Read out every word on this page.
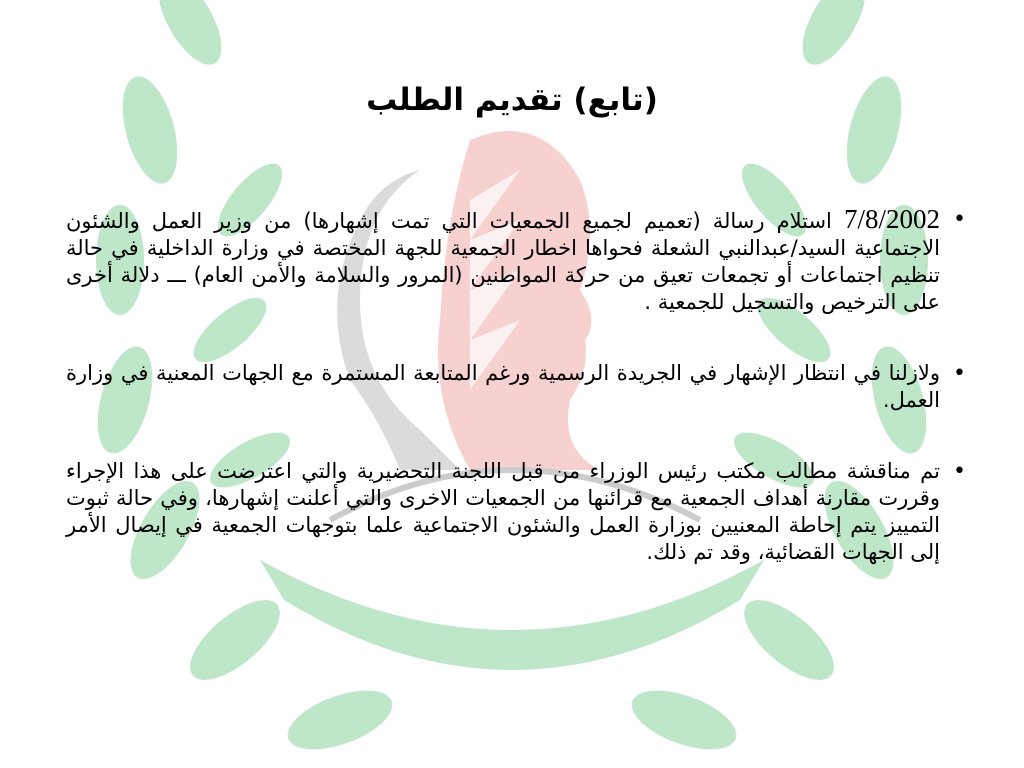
(تابع) تقديم الطلب
•
7/8/2002 استلام رسالة (تعميم لجميع الجمعيات التي تمت إشهارها) من وزير العمل والشئون الاجتماعية السيد/عبدالنبي الشعلة فحواها اخطار الجمعية للجهة المختصة في وزارة الداخلية في حالة تنظيم اجتماعات أو تجمعات تعيق من حركة المواطنين (المرور والسلامة والأمن العام) ـــ دلالة أخرى على الترخيص والتسجيل للجمعية .
•
ولازلنا في انتظار الإشهار في الجريدة الرسمية ورغم المتابعة المستمرة مع الجهات المعنية في وزارة العمل.
•
تم مناقشة مطالب مكتب رئيس الوزراء من قبل اللجنة التحضيرية والتي اعترضت على هذا الإجراء وقررت مقارنة أهداف الجمعية مع قرائنها من الجمعيات الاخرى والتي أعلنت إشهارها، وفي حالة ثبوت التمييز يتم إحاطة المعنيين بوزارة العمل والشئون الاجتماعية علما بتوجهات الجمعية في إيصال الأمر إلى الجهات القضائية، وقد تم ذلك.
